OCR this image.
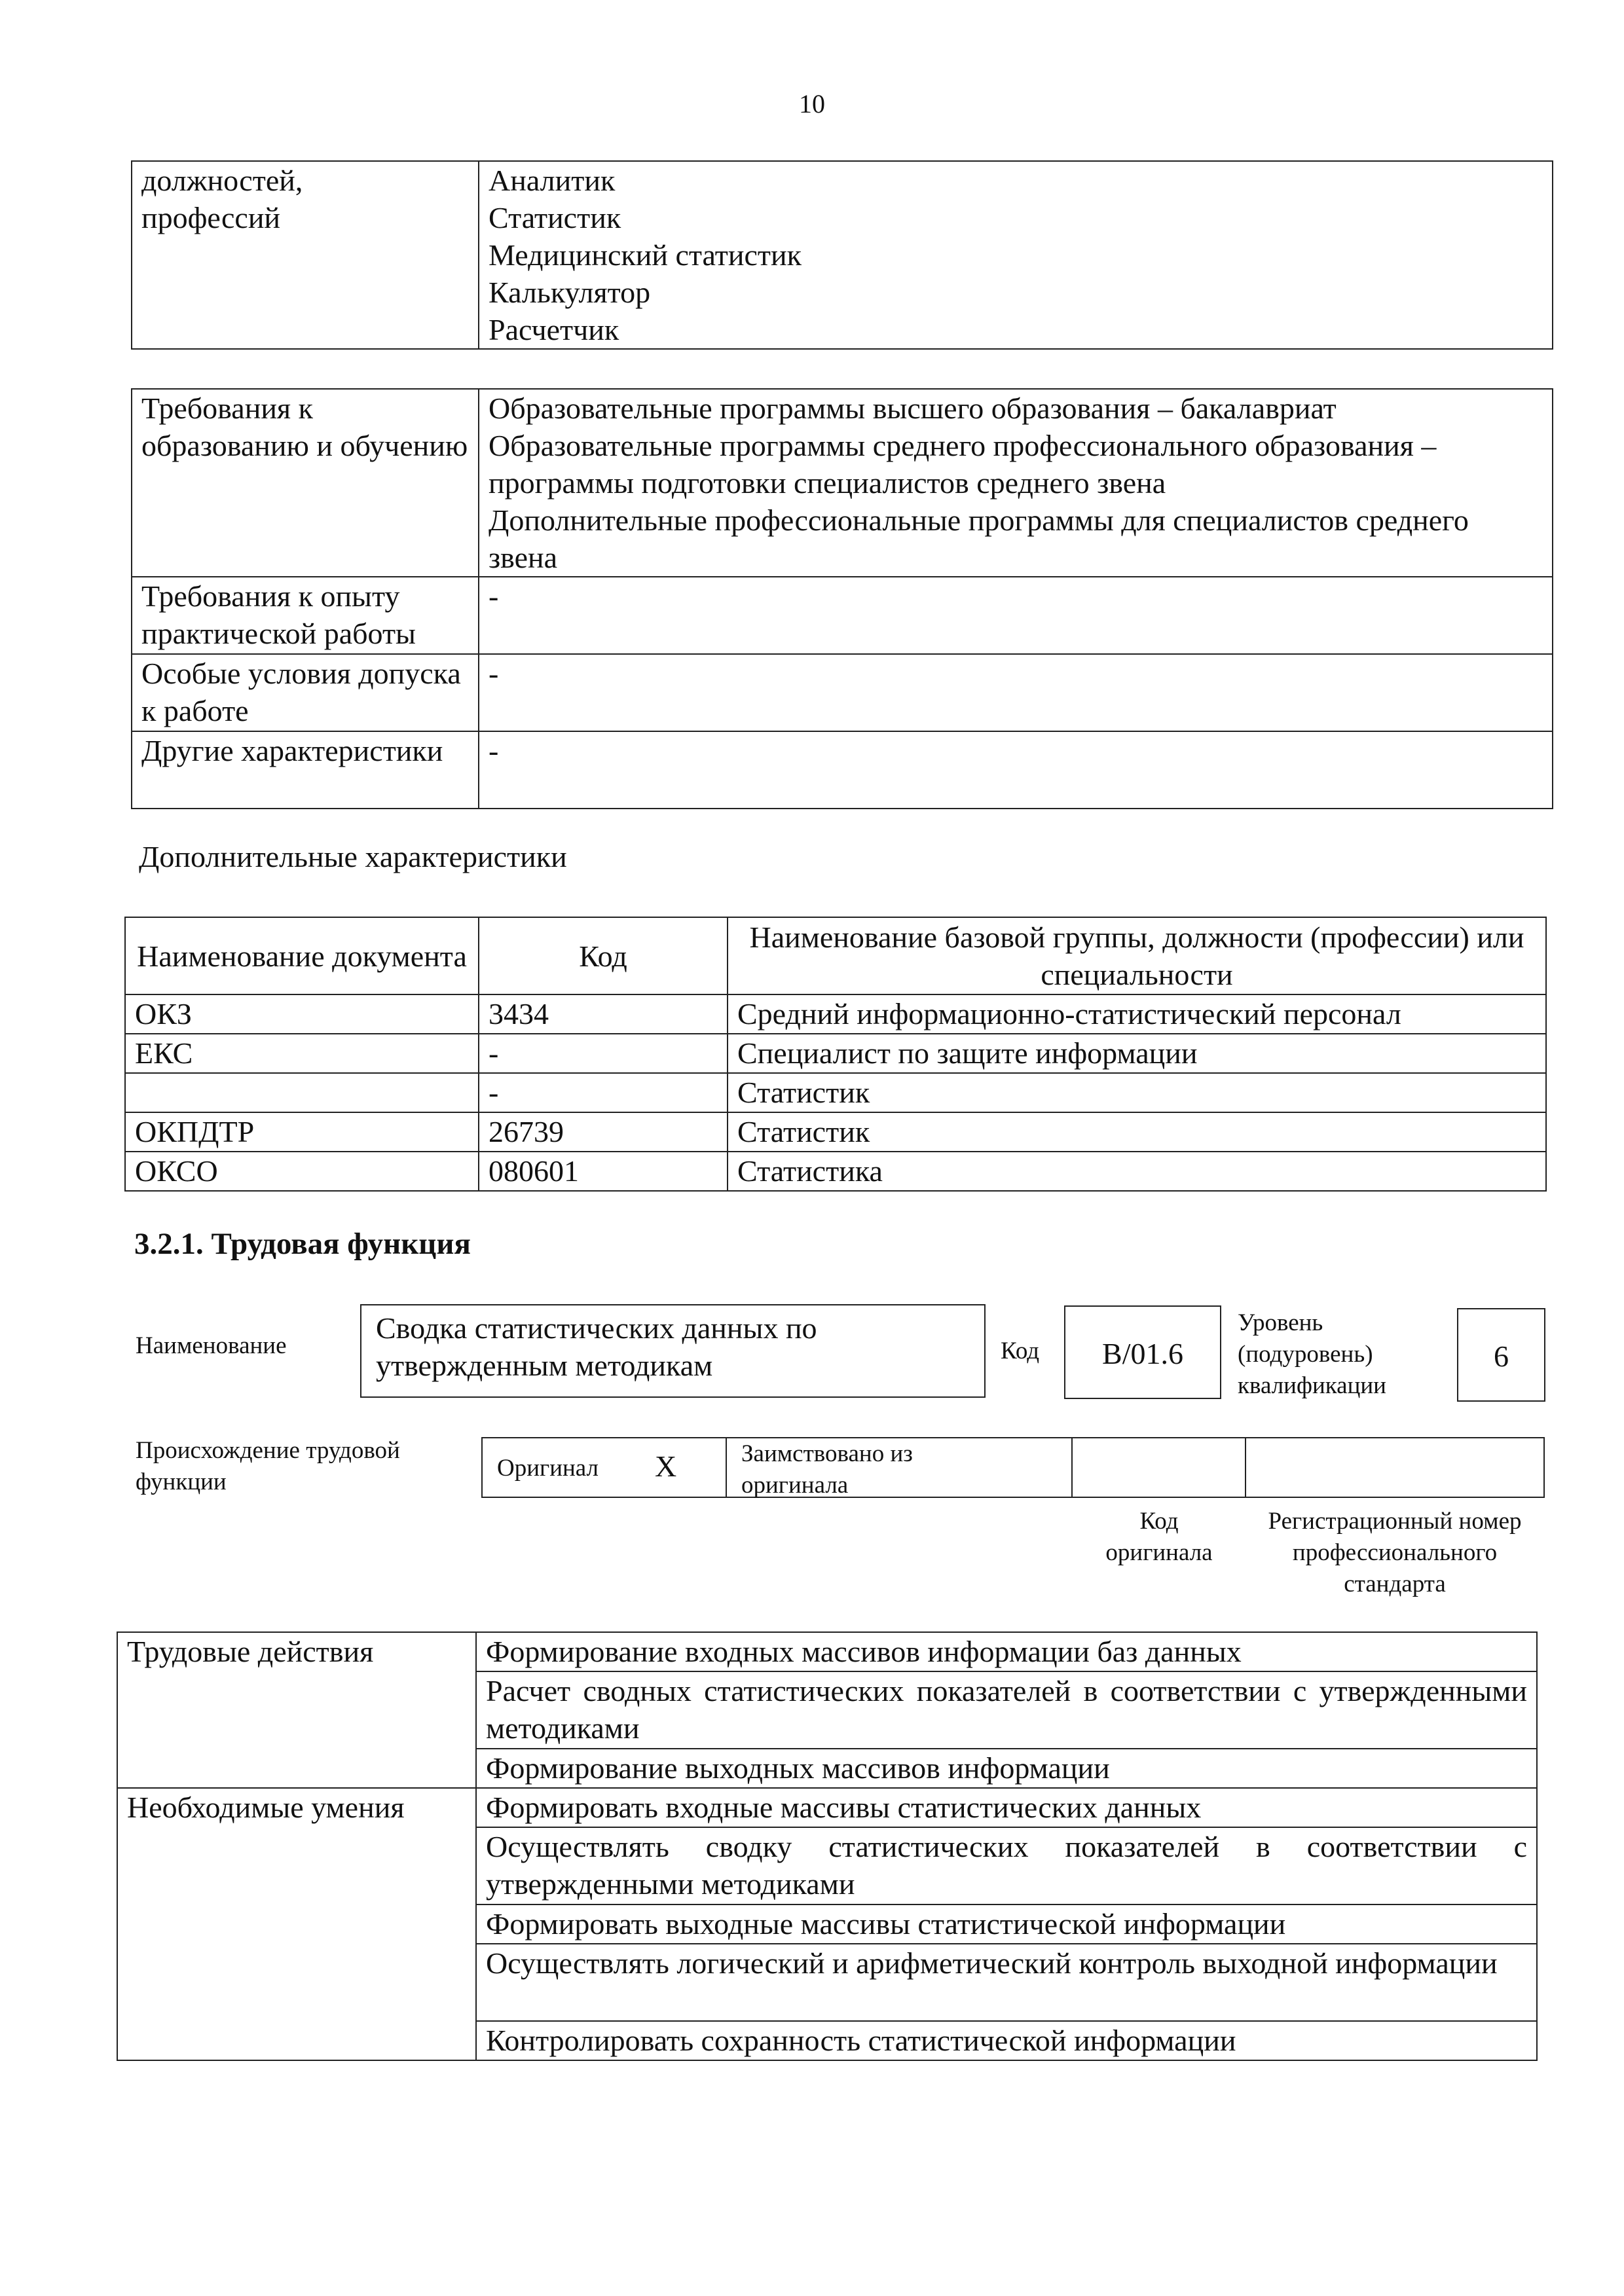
10
должностей,
профессий

Аналитик
Статистик
Медицинский статистик
Калькулятор
Расчетчик
Требования к образованию и обучению	Образовательные программы высшего образования – бакалавриат
Образовательные программы среднего профессионального образования – программы подготовки специалистов среднего звена
Дополнительные профессиональные программы для специалистов среднего звена

Требования к опыту практической работы	-
Особые условия допуска к работе	-
Другие характеристики	-
Дополнительные характеристики
Наименование документа	Код	Наименование базовой группы, должности (профессии) или специальности
ОКЗ	3434	Средний информационно-статистический персонал
ЕКС	-	Специалист по защите информации
	-	Статистик
ОКПДТР	26739	Статистик
ОКСО	080601	Статистика
3.2.1. Трудовая функция
Наименование
Сводка статистических данных по утвержденным методикам	Код	B/01.6
Уровень (подуровень) квалификации
6
Происхождение трудовой функции
Оригинал X	Заимствовано из оригинала
Код оригинала
Регистрационный номер профессионального стандарта
Трудовые действия	Формирование входных массивов информации баз данных
	Расчет сводных статистических показателей в соответствии с утвержденными методиками
	Формирование выходных массивов информации
Необходимые умения	Формировать входные массивы статистических данных
	Осуществлять сводку статистических показателей в соответствии с утвержденными методиками
	Формировать выходные массивы статистической информации
	Осуществлять логический и арифметический контроль выходной информации
	Контролировать сохранность статистической информации
